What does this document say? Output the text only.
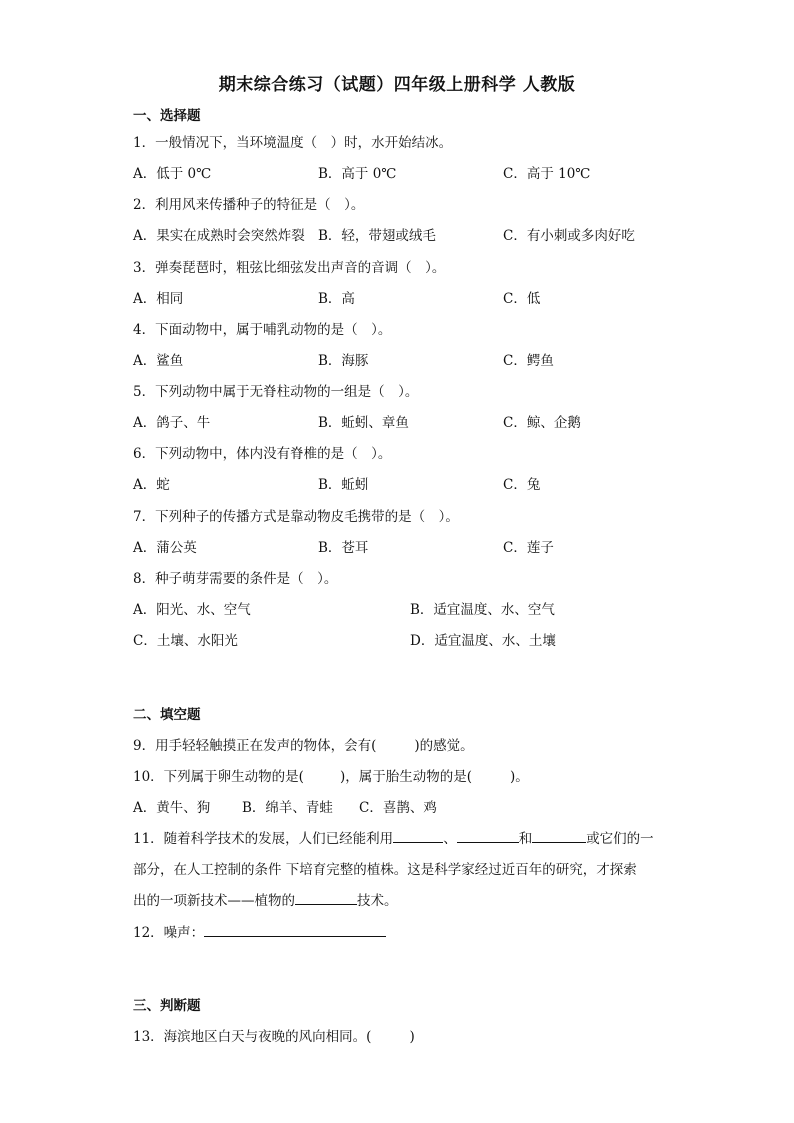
期末综合练习（试题）四年级上册科学 人教版
一、选择题
1．一般情况下，当环境温度（　）时，水开始结冰。
A．低于 0℃	B．高于 0℃	C．高于 10℃
2．利用风来传播种子的特征是（　）。
A．果实在成熟时会突然炸裂 B．轻，带翅或绒毛	C．有小刺或多肉好吃
3．弹奏琵琶时，粗弦比细弦发出声音的音调（　）。
A．相同	B．高	C．低
4．下面动物中，属于哺乳动物的是（　）。
A．鲨鱼	B．海豚	C．鳄鱼
5．下列动物中属于无脊柱动物的一组是（　）。
A．鸽子、牛	B．蚯蚓、章鱼	C．鲸、企鹅
6．下列动物中，体内没有脊椎的是（　）。
A．蛇	B．蚯蚓	C．兔
7．下列种子的传播方式是靠动物皮毛携带的是（　）。
A．蒲公英	B．苍耳	C．莲子
8．种子萌芽需要的条件是（　）。
A．阳光、水、空气	B．适宜温度、水、空气
C．土壤、水阳光	D．适宜温度、水、土壤
二、填空题
9．用手轻轻触摸正在发声的物体，会有(	)的感觉。
10．下列属于卵生动物的是(	)，属于胎生动物的是(	)。
A．黄牛、狗 B．绵羊、青蛙 C．喜鹊、鸡
11．随着科学技术的发展，人们已经能利用	、	和	或它们的一
部分，在人工控制的条件 下培育完整的植株。这是科学家经过近百年的研究，才探索
出的一项新技术——植物的	技术。
12．噪声：
三、判断题
13．海滨地区白天与夜晚的风向相同。(	)
